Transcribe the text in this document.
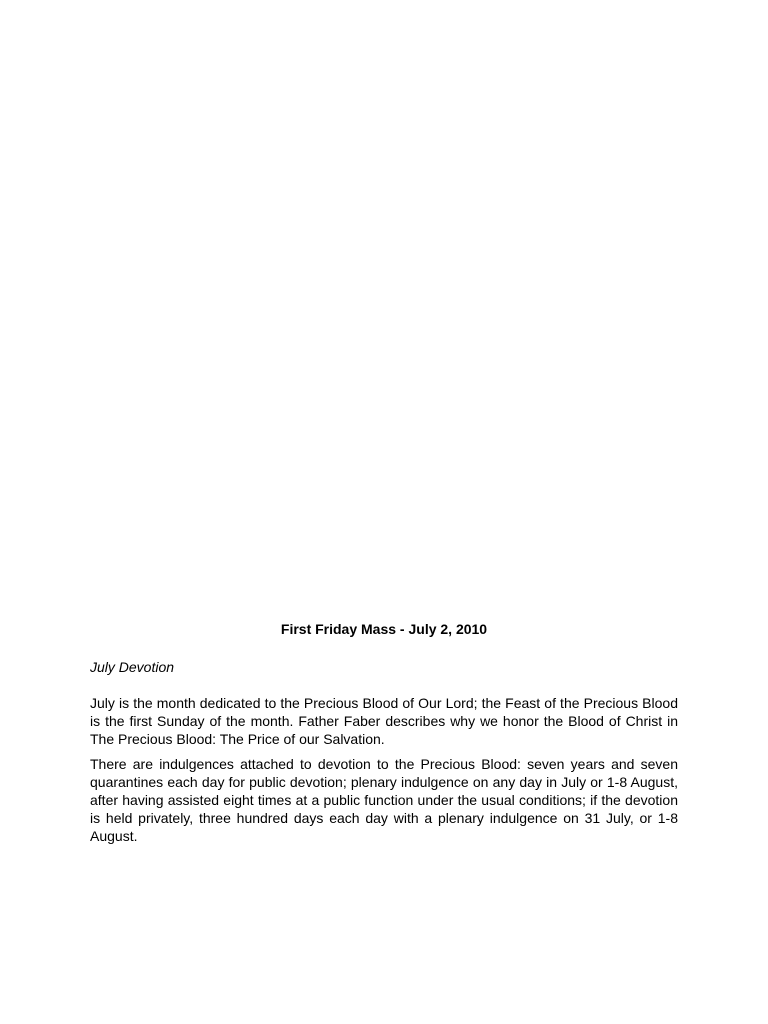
First Friday Mass - July 2, 2010

July Devotion

July is the month dedicated to the Precious Blood of Our Lord; the Feast of the Precious Blood is the first Sunday of the month. Father Faber describes why we honor the Blood of Christ in The Precious Blood: The Price of our Salvation.

There are indulgences attached to devotion to the Precious Blood: seven years and seven quarantines each day for public devotion; plenary indulgence on any day in July or 1-8 August, after having assisted eight times at a public function under the usual conditions; if the devotion is held privately, three hundred days each day with a plenary indulgence on 31 July, or 1-8 August.
